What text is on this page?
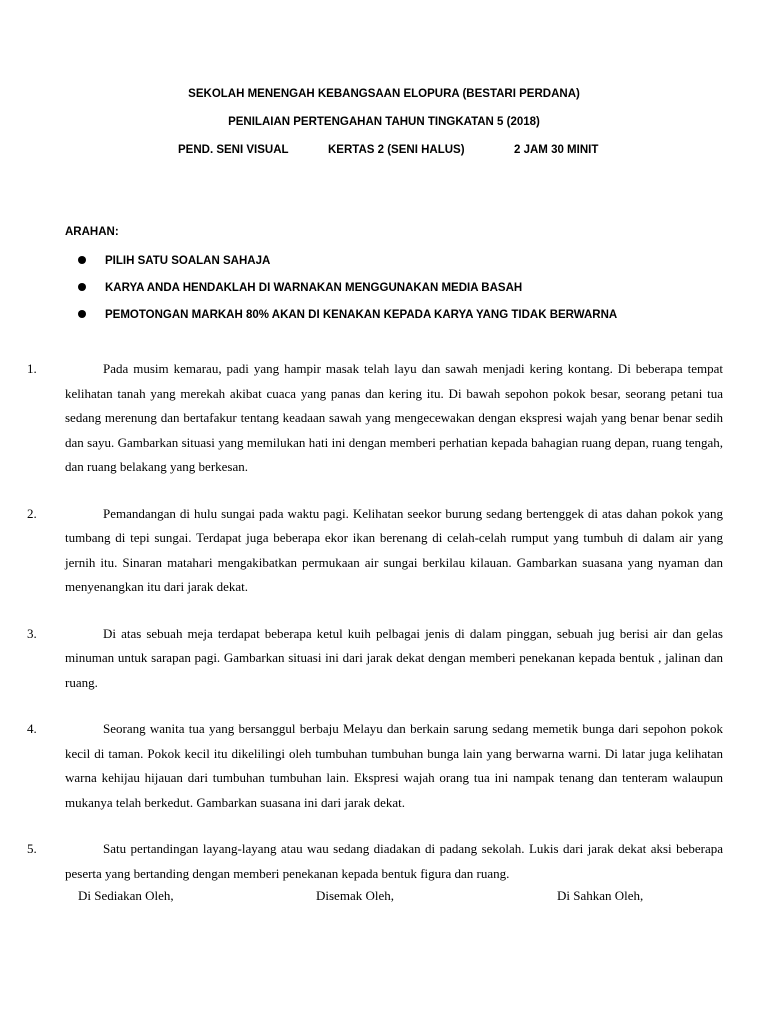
SEKOLAH MENENGAH KEBANGSAAN ELOPURA (BESTARI PERDANA)
PENILAIAN PERTENGAHAN TAHUN TINGKATAN 5 (2018)
PEND. SENI VISUAL	KERTAS 2 (SENI HALUS)	2 JAM 30 MINIT
ARAHAN:
PILIH SATU SOALAN SAHAJA
KARYA ANDA HENDAKLAH DI WARNAKAN MENGGUNAKAN MEDIA BASAH
PEMOTONGAN MARKAH 80% AKAN DI KENAKAN KEPADA KARYA YANG TIDAK BERWARNA

1.	Pada musim kemarau, padi yang hampir masak telah layu dan sawah menjadi kering kontang. Di beberapa tempat kelihatan tanah yang merekah akibat cuaca yang panas dan kering itu. Di bawah sepohon pokok besar, seorang petani tua sedang merenung dan bertafakur tentang keadaan sawah yang mengecewakan dengan ekspresi wajah yang benar benar sedih dan sayu. Gambarkan situasi yang memilukan hati ini dengan memberi perhatian kepada bahagian ruang depan, ruang tengah, dan ruang belakang yang berkesan.

2.	Pemandangan di hulu sungai pada waktu pagi. Kelihatan seekor burung sedang bertenggek di atas dahan pokok yang tumbang di tepi sungai. Terdapat juga beberapa ekor ikan berenang di celah-celah rumput yang tumbuh di dalam air yang jernih itu. Sinaran matahari mengakibatkan permukaan air sungai berkilau kilauan. Gambarkan suasana yang nyaman dan menyenangkan itu dari jarak dekat.

3.	Di atas sebuah meja terdapat beberapa ketul kuih pelbagai jenis di dalam pinggan, sebuah jug berisi air dan gelas minuman untuk sarapan pagi. Gambarkan situasi ini dari jarak dekat dengan memberi penekanan kepada bentuk , jalinan dan ruang.

4.	Seorang wanita tua yang bersanggul berbaju Melayu dan berkain sarung sedang memetik bunga dari sepohon pokok kecil di taman. Pokok kecil itu dikelilingi oleh tumbuhan tumbuhan bunga lain yang berwarna warni. Di latar juga kelihatan warna kehijau hijauan dari tumbuhan tumbuhan lain. Ekspresi wajah orang tua ini nampak tenang dan tenteram walaupun mukanya telah berkedut. Gambarkan suasana ini dari jarak dekat.

5.	Satu pertandingan layang-layang atau wau sedang diadakan di padang sekolah. Lukis dari jarak dekat aksi beberapa peserta yang bertanding dengan memberi penekanan kepada bentuk figura dan ruang.

Di Sediakan Oleh,	Disemak Oleh,	Di Sahkan Oleh,
